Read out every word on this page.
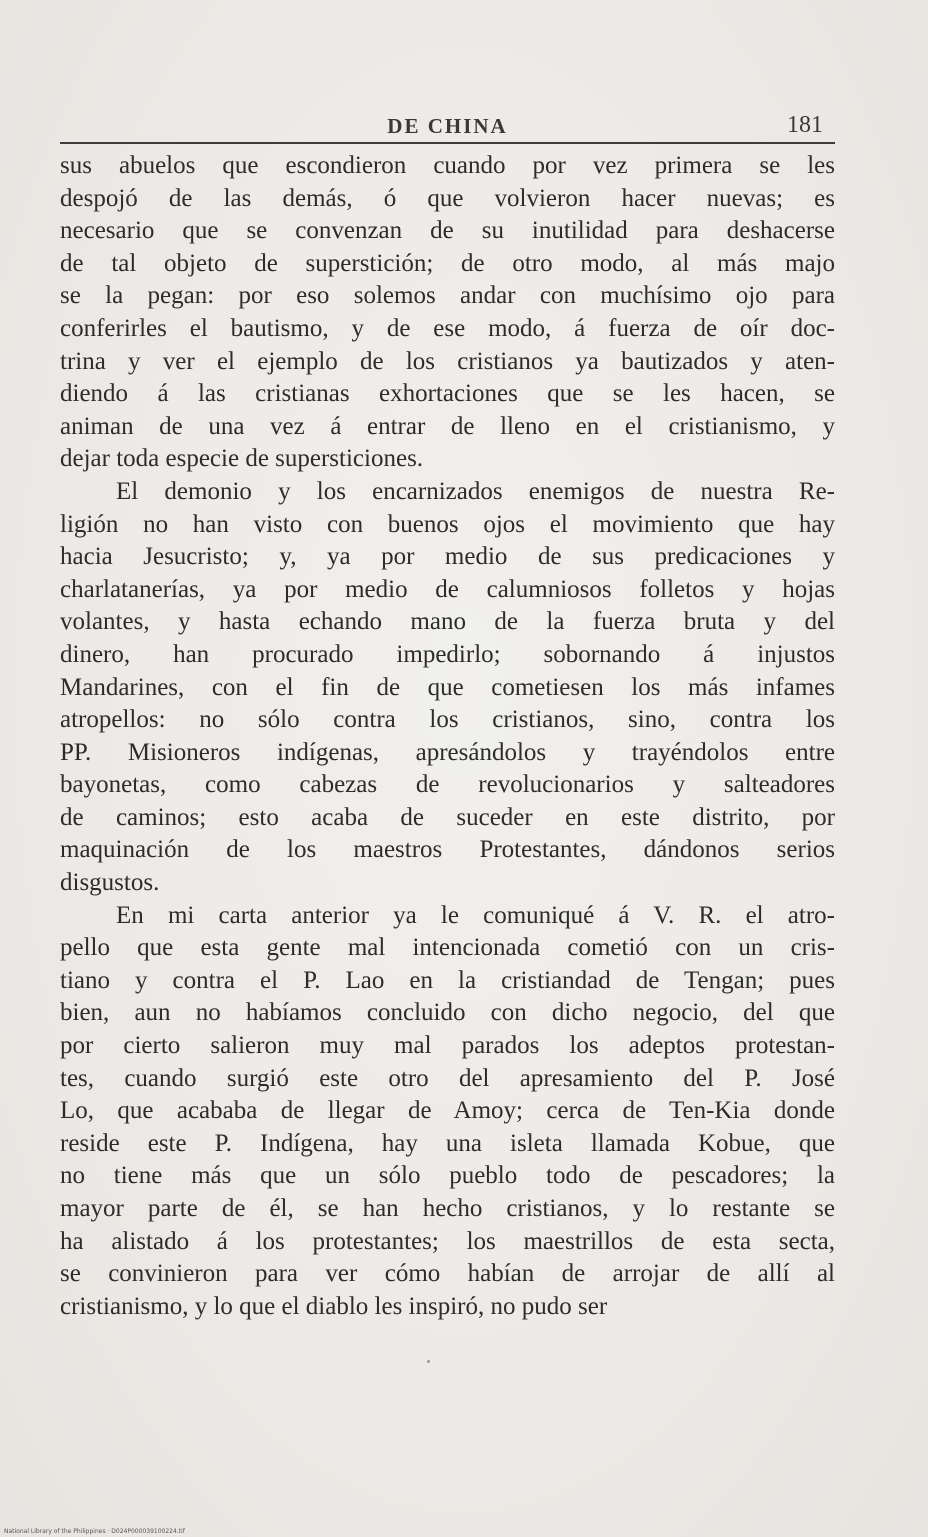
DE CHINA	181
sus abuelos que escondieron cuando por vez primera se les
despojó de las demás, ó que volvieron hacer nuevas; es
necesario que se convenzan de su inutilidad para deshacerse
de tal objeto de superstición; de otro modo, al más majo
se la pegan: por eso solemos andar con muchísimo ojo para
conferirles el bautismo, y de ese modo, á fuerza de oír doc-
trina y ver el ejemplo de los cristianos ya bautizados y aten-
diendo á las cristianas exhortaciones que se les hacen, se
animan de una vez á entrar de lleno en el cristianismo, y
dejar toda especie de supersticiones.
El demonio y los encarnizados enemigos de nuestra Re-
ligión no han visto con buenos ojos el movimiento que hay
hacia Jesucristo; y, ya por medio de sus predicaciones y
charlatanerías, ya por medio de calumniosos folletos y hojas
volantes, y hasta echando mano de la fuerza bruta y del
dinero, han procurado impedirlo; sobornando á injustos
Mandarines, con el fin de que cometiesen los más infames
atropellos: no sólo contra los cristianos, sino, contra los
PP. Misioneros indígenas, apresándolos y trayéndolos entre
bayonetas, como cabezas de revolucionarios y salteadores
de caminos; esto acaba de suceder en este distrito, por
maquinación de los maestros Protestantes, dándonos serios
disgustos.
En mi carta anterior ya le comuniqué á V. R. el atro-
pello que esta gente mal intencionada cometió con un cris-
tiano y contra el P. Lao en la cristiandad de Tengan; pues
bien, aun no habíamos concluido con dicho negocio, del que
por cierto salieron muy mal parados los adeptos protestan-
tes, cuando surgió este otro del apresamiento del P. José
Lo, que acababa de llegar de Amoy; cerca de Ten-Kia donde
reside este P. Indígena, hay una isleta llamada Kobue, que
no tiene más que un sólo pueblo todo de pescadores; la
mayor parte de él, se han hecho cristianos, y lo restante se
ha alistado á los protestantes; los maestrillos de esta secta,
se convinieron para ver cómo habían de arrojar de allí al
cristianismo, y lo que el diablo les inspiró, no pudo ser
National Library of the Philippines · D024P000039100224.tif
